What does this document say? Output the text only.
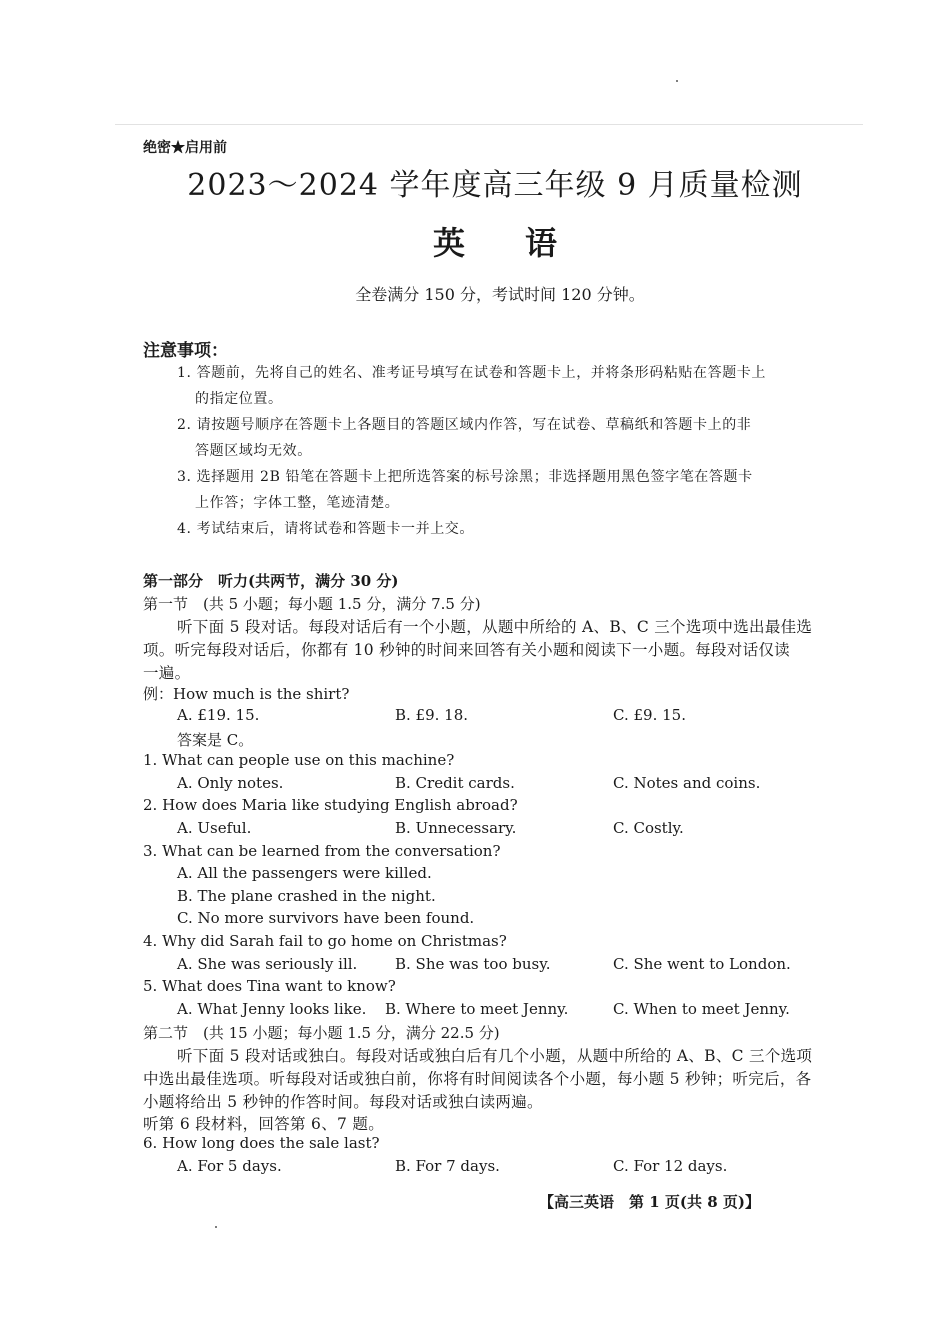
绝密★启用前
2023～2024 学年度高三年级 9 月质量检测
英 语
全卷满分 150 分，考试时间 120 分钟。
注意事项：
1. 答题前，先将自己的姓名、准考证号填写在试卷和答题卡上，并将条形码粘贴在答题卡上
的指定位置。
2. 请按题号顺序在答题卡上各题目的答题区域内作答，写在试卷、草稿纸和答题卡上的非
答题区域均无效。
3. 选择题用 2B 铅笔在答题卡上把所选答案的标号涂黑；非选择题用黑色签字笔在答题卡
上作答；字体工整，笔迹清楚。
4. 考试结束后，请将试卷和答题卡一并上交。
第一部分　听力(共两节，满分 30 分)
第一节　(共 5 小题；每小题 1.5 分，满分 7.5 分)
听下面 5 段对话。每段对话后有一个小题，从题中所给的 A、B、C 三个选项中选出最佳选
项。听完每段对话后，你都有 10 秒钟的时间来回答有关小题和阅读下一小题。每段对话仅读
一遍。
例：How much is the shirt?
A. £19. 15.	B. £9. 18.	C. £9. 15.
答案是 C。
1. What can people use on this machine?
A. Only notes.	B. Credit cards.	C. Notes and coins.
2. How does Maria like studying English abroad?
A. Useful.	B. Unnecessary.	C. Costly.
3. What can be learned from the conversation?
A. All the passengers were killed.
B. The plane crashed in the night.
C. No more survivors have been found.
4. Why did Sarah fail to go home on Christmas?
A. She was seriously ill.	B. She was too busy.	C. She went to London.
5. What does Tina want to know?
A. What Jenny looks like. B. Where to meet Jenny.	C. When to meet Jenny.
第二节　(共 15 小题；每小题 1.5 分，满分 22.5 分)
听下面 5 段对话或独白。每段对话或独白后有几个小题，从题中所给的 A、B、C 三个选项
中选出最佳选项。听每段对话或独白前，你将有时间阅读各个小题，每小题 5 秒钟；听完后，各
小题将给出 5 秒钟的作答时间。每段对话或独白读两遍。
听第 6 段材料，回答第 6、7 题。
6. How long does the sale last?
A. For 5 days.	B. For 7 days.	C. For 12 days.
【高三英语　第 1 页(共 8 页)】
